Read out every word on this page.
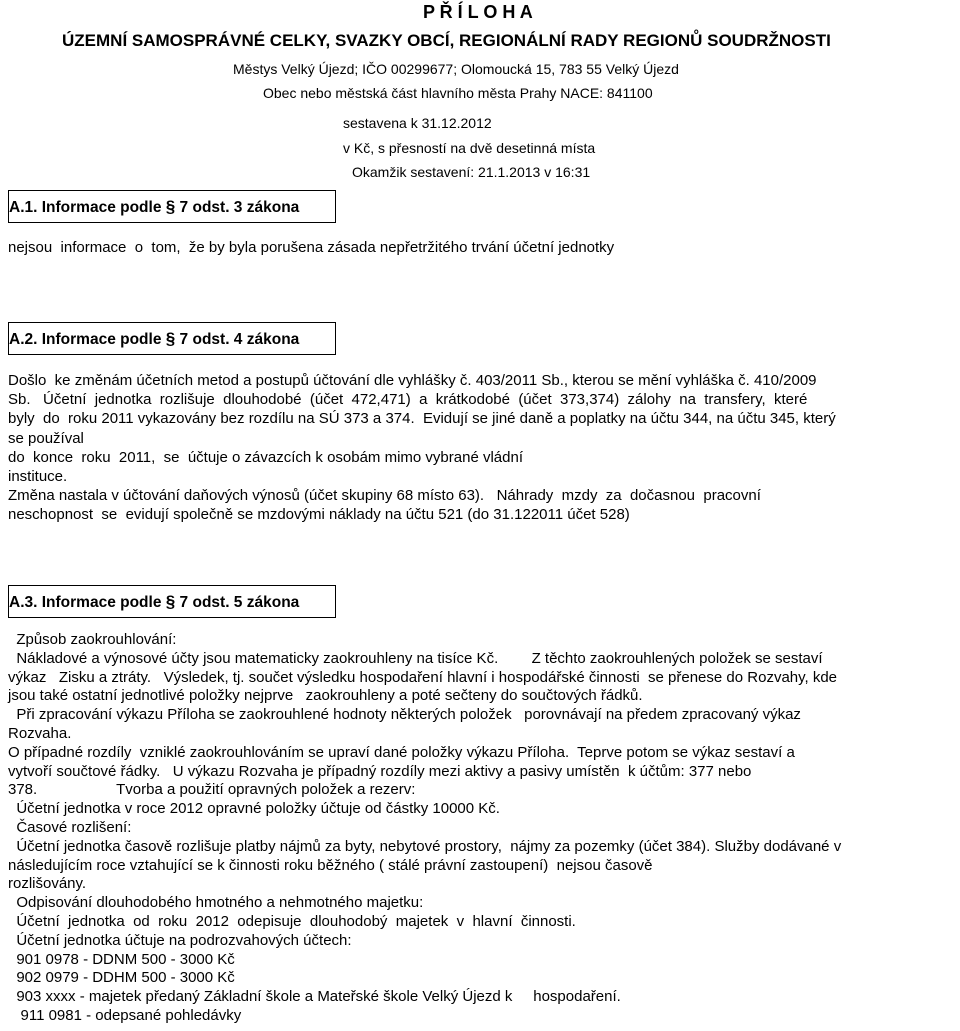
P Ř Í L O H A
ÚZEMNÍ SAMOSPRÁVNÉ CELKY, SVAZKY OBCÍ, REGIONÁLNÍ RADY REGIONŮ SOUDRŽNOSTI
Městys Velký Újezd; IČO 00299677; Olomoucká 15, 783 55 Velký Újezd
Obec nebo městská část hlavního města Prahy NACE: 841100
sestavena k 31.12.2012
v Kč, s přesností na dvě desetinná místa
Okamžik sestavení: 21.1.2013 v 16:31
A.1. Informace podle § 7 odst. 3 zákona
nejsou  informace  o  tom,  že by byla porušena zásada nepřetržitého trvání účetní jednotky
A.2. Informace podle § 7 odst. 4 zákona
Došlo  ke změnám účetních metod a postupů účtování dle vyhlášky č. 403/2011 Sb., kterou se mění vyhláška č. 410/2009
Sb.   Účetní  jednotka  rozlišuje  dlouhodobé  (účet  472,471)  a  krátkodobé  (účet  373,374)  zálohy  na  transfery,  které
byly  do  roku 2011 vykazovány bez rozdílu na SÚ 373 a 374.  Evidují se jiné daně a poplatky na účtu 344, na účtu 345, který
se používal
do  konce  roku  2011,  se  účtuje o závazcích k osobám mimo vybrané vládní
instituce.
Změna nastala v účtování daňových výnosů (účet skupiny 68 místo 63).   Náhrady  mzdy  za  dočasnou  pracovní
neschopnost  se  evidují společně se mzdovými náklady na účtu 521 (do 31.122011 účet 528)
A.3. Informace podle § 7 odst. 5 zákona
Způsob zaokrouhlování:
Nákladové a výnosové účty jsou matematicky zaokrouhleny na tisíce Kč.        Z těchto zaokrouhlených položek se sestaví
výkaz   Zisku a ztráty.   Výsledek, tj. součet výsledku hospodaření hlavní i hospodářské činnosti  se přenese do Rozvahy, kde
jsou také ostatní jednotlivé položky nejprve   zaokrouhleny a poté sečteny do součtových řádků.
Při zpracování výkazu Příloha se zaokrouhlené hodnoty některých položek   porovnávají na předem zpracovaný výkaz
Rozvaha.
O případné rozdíly  vzniklé zaokrouhlováním se upraví dané položky výkazu Příloha.  Teprve potom se výkaz sestaví a
vytvoří součtové řádky.   U výkazu Rozvaha je případný rozdíly mezi aktivy a pasivy umístěn  k účtům: 377 nebo
378.                   Tvorba a použití opravných položek a rezerv:
Účetní jednotka v roce 2012 opravné položky účtuje od částky 10000 Kč.
Časové rozlišení:
Účetní jednotka časově rozlišuje platby nájmů za byty, nebytové prostory,  nájmy za pozemky (účet 384). Služby dodávané v
následujícím roce vztahující se k činnosti roku běžného ( stálé právní zastoupení)  nejsou časově
rozlišovány.
Odpisování dlouhodobého hmotného a nehmotného majetku:
Účetní  jednotka  od  roku  2012  odepisuje  dlouhodobý  majetek  v  hlavní  činnosti.
Účetní jednotka účtuje na podrozvahových účtech:
901 0978 - DDNM 500 - 3000 Kč
902 0979 - DDHM 500 - 3000 Kč
903 xxxx - majetek předaný Základní škole a Mateřské škole Velký Újezd k     hospodaření.
911 0981 - odepsané pohledávky
